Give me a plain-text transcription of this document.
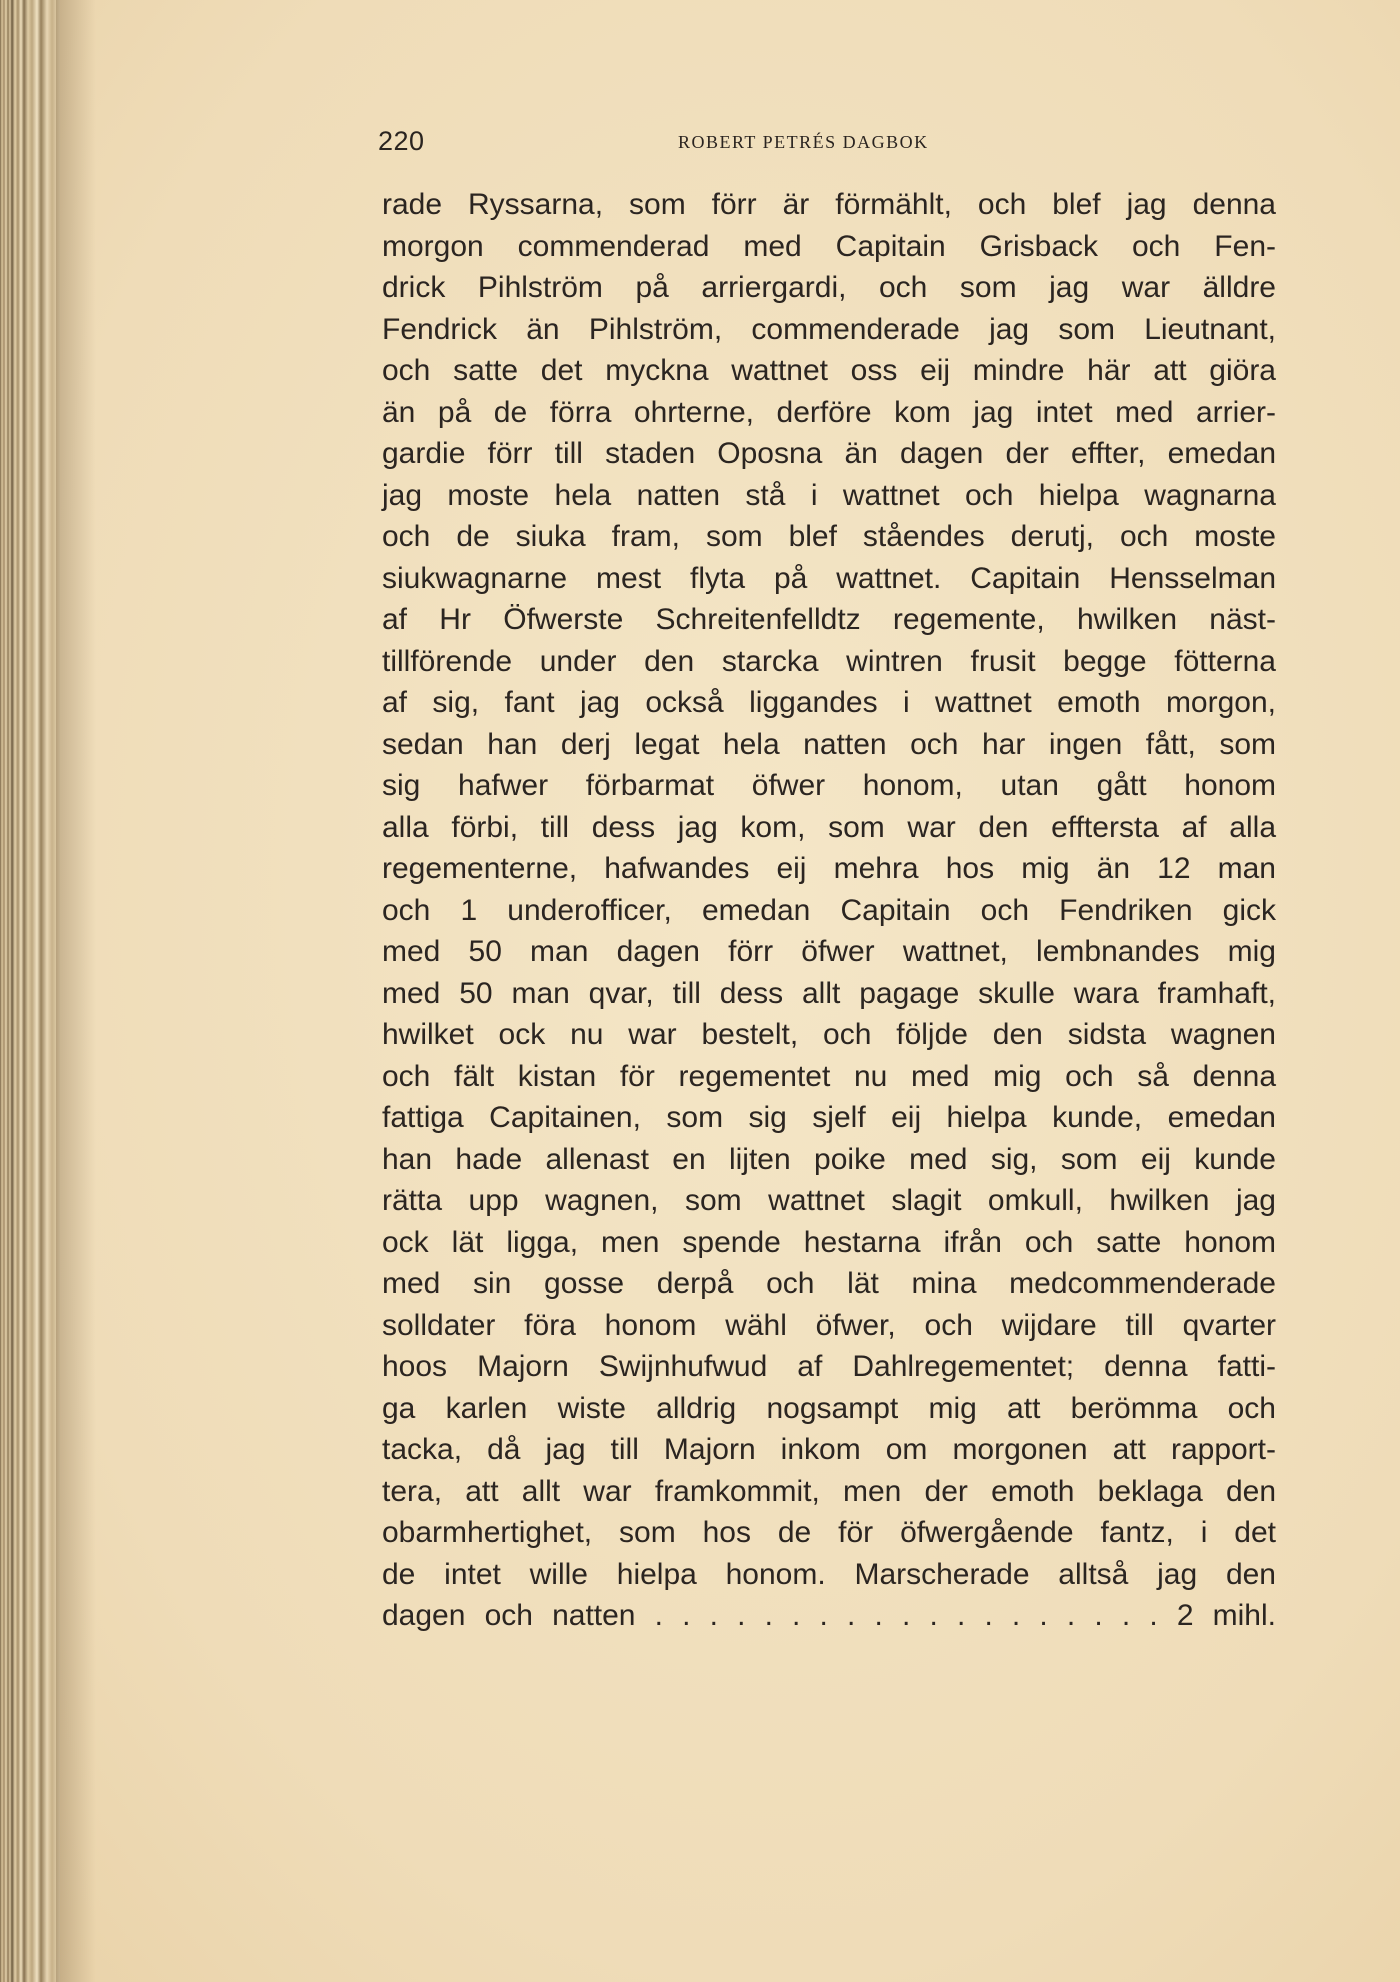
220	ROBERT PETRÉS DAGBOK
rade Ryssarna, som förr är förmählt, och blef jag denna
morgon commenderad med Capitain Grisback och Fen-
drick Pihlström på arriergardi, och som jag war älldre
Fendrick än Pihlström, commenderade jag som Lieutnant,
och satte det myckna wattnet oss eij mindre här att giöra
än på de förra ohrterne, derföre kom jag intet med arrier-
gardie förr till staden Oposna än dagen der effter, emedan
jag moste hela natten stå i wattnet och hielpa wagnarna
och de siuka fram, som blef ståendes derutj, och moste
siukwagnarne mest flyta på wattnet. Capitain Hensselman
af Hr Öfwerste Schreitenfelldtz regemente, hwilken näst-
tillförende under den starcka wintren frusit begge fötterna
af sig, fant jag också liggandes i wattnet emoth morgon,
sedan han derj legat hela natten och har ingen fått, som
sig hafwer förbarmat öfwer honom, utan gått honom
alla förbi, till dess jag kom, som war den efftersta af alla
regementerne, hafwandes eij mehra hos mig än 12 man
och 1 underofficer, emedan Capitain och Fendriken gick
med 50 man dagen förr öfwer wattnet, lembnandes mig
med 50 man qvar, till dess allt pagage skulle wara framhaft,
hwilket ock nu war bestelt, och följde den sidsta wagnen
och fält kistan för regementet nu med mig och så denna
fattiga Capitainen, som sig sjelf eij hielpa kunde, emedan
han hade allenast en lijten poike med sig, som eij kunde
rätta upp wagnen, som wattnet slagit omkull, hwilken jag
ock lät ligga, men spende hestarna ifrån och satte honom
med sin gosse derpå och lät mina medcommenderade
solldater föra honom wähl öfwer, och wijdare till qvarter
hoos Majorn Swijnhufwud af Dahlregementet; denna fatti-
ga karlen wiste alldrig nogsampt mig att berömma och
tacka, då jag till Majorn inkom om morgonen att rapport-
tera, att allt war framkommit, men der emoth beklaga den
obarmhertighet, som hos de för öfwergående fantz, i det
de intet wille hielpa honom. Marscherade alltså jag den
dagen och natten . . . . . . . . . . . . . . . . . . . 2 mihl.
